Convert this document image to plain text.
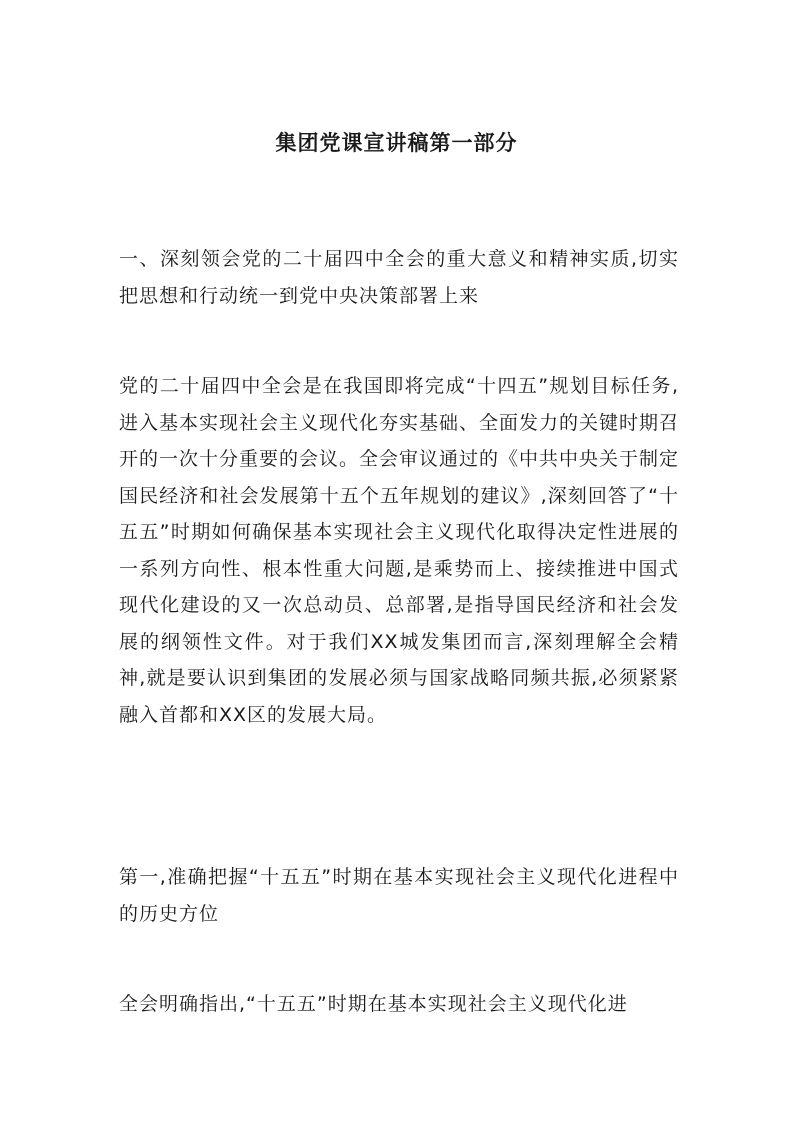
集团党课宣讲稿第一部分
一、深刻领会党的二十届四中全会的重大意义和精神实质,切实把思想和行动统一到党中央决策部署上来
党的二十届四中全会是在我国即将完成“十四五”规划目标任务,进入基本实现社会主义现代化夯实基础、全面发力的关键时期召开的一次十分重要的会议。全会审议通过的《中共中央关于制定国民经济和社会发展第十五个五年规划的建议》,深刻回答了“十五五”时期如何确保基本实现社会主义现代化取得决定性进展的一系列方向性、根本性重大问题,是乘势而上、接续推进中国式现代化建设的又一次总动员、总部署,是指导国民经济和社会发展的纲领性文件。对于我们XX城发集团而言,深刻理解全会精神,就是要认识到集团的发展必须与国家战略同频共振,必须紧紧融入首都和XX区的发展大局。
第一,准确把握“十五五”时期在基本实现社会主义现代化进程中的历史方位
全会明确指出,“十五五”时期在基本实现社会主义现代化进
